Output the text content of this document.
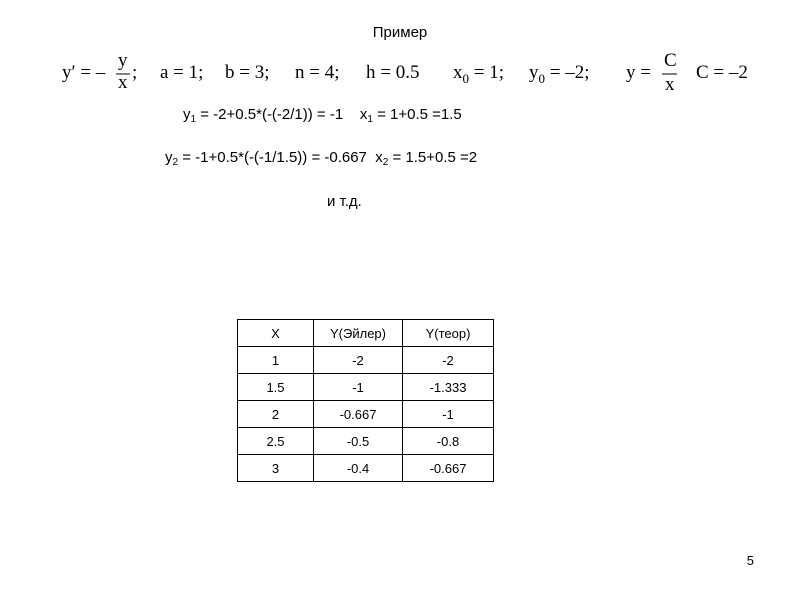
Пример
y′ = –
y
x ; a = 1; b = 3; n = 4; h = 0.5 $x_0 = 1$; $y_0 = -2$; y =
C
x
C = –2
$y_1 = -2+0.5*(-(-2/1)) = -1$ $x_1 = 1+0.5 =1.5$
$y_2 = -1+0.5*(-(-1/1.5)) = -0.667$ $x_2 = 1.5+0.5 =2$
и т.д.
X	Y(Эйлер)	Y(теор)
1	-2	-2
1.5	-1	-1.333
2	-0.667	-1
2.5	-0.5	-0.8
3	-0.4	-0.667
5
